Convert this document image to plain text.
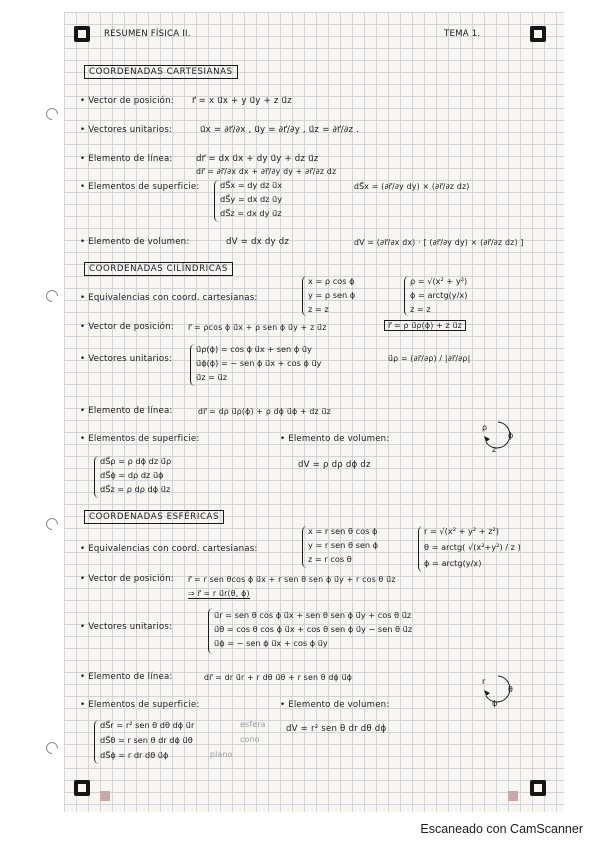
RESUMEN FÍSICA II.	TEMA 1.
COORDENADAS CARTESIANAS
• Vector de posición: r⃗ = x u⃗x + y u⃗y + z u⃗z
• Vectores unitarios:	u⃗x = ∂r⃗/∂x , u⃗y = ∂r⃗/∂y , u⃗z = ∂r⃗/∂z .
• Elemento de línea:	dr⃗ = dx u⃗x + dy u⃗y + dz u⃗z
dr⃗ = ∂r⃗/∂x dx + ∂r⃗/∂y dy + ∂r⃗/∂z dz
• Elementos de superficie:	dS⃗x = dy dz u⃗x
dS⃗y = dx dz u⃗y
dS⃗z = dx dy u⃗z
dS⃗x = (∂r⃗/∂y dy) × (∂r⃗/∂z dz)
• Elemento de volumen:	dV = dx dy dz	dV = (∂r⃗/∂x dx) · [ (∂r⃗/∂y dy) × (∂r⃗/∂z dz) ]
COORDENADAS CILÍNDRICAS
• Equivalencias con coord. cartesianas:
x = ρ cos ϕ
y = ρ sen ϕ
z = z
ρ = √(x² + y²)
ϕ = arctg(y/x)
z = z
• Vector de posición: r⃗ = ρcos ϕ u⃗x + ρ sen ϕ u⃗y + z u⃗z	r⃗ = ρ u⃗ρ(ϕ) + z u⃗z
• Vectores unitarios:
u⃗ρ(ϕ) = cos ϕ u⃗x + sen ϕ u⃗y
u⃗ϕ(ϕ) = − sen ϕ u⃗x + cos ϕ u⃗y
u⃗z = u⃗z
u⃗ρ = (∂r⃗/∂ρ) / |∂r⃗/∂ρ|
• Elemento de línea:	dr⃗ = dρ u⃗ρ(ϕ) + ρ dϕ u⃗ϕ + dz u⃗z
• Elementos de superficie:	• Elemento de volumen:
ρ
ϕ
z
dS⃗ρ = ρ dϕ dz u⃗ρ
dS⃗ϕ = dρ dz u⃗ϕ
dS⃗z = ρ dρ dϕ u⃗z
dV = ρ dρ dϕ dz
COORDENADAS ESFÉRICAS
• Equivalencias con coord. cartesianas:
x = r sen θ cos ϕ
y = r sen θ sen ϕ
z = r cos θ
r = √(x² + y² + z²)
θ = arctg( √(x²+y²) / z )
ϕ = arctg(y/x)
• Vector de posición: r⃗ = r sen θcos ϕ u⃗x + r sen θ sen ϕ u⃗y + r cos θ u⃗z
⇒ r⃗ = r u⃗r(θ, ϕ)
• Vectores unitarios:
u⃗r = sen θ cos ϕ u⃗x + sen θ sen ϕ u⃗y + cos θ u⃗z
u⃗θ = cos θ cos ϕ u⃗x + cos θ sen ϕ u⃗y − sen θ u⃗z
u⃗ϕ = − sen ϕ u⃗x + cos ϕ u⃗y
• Elemento de línea:	dr⃗ = dr u⃗r + r dθ u⃗θ + r sen θ dϕ u⃗ϕ	r
θ
ϕ
• Elementos de superficie:	• Elemento de volumen:
dS⃗r = r² sen θ dθ dϕ u⃗r
dS⃗θ = r sen θ dr dϕ u⃗θ
dS⃗ϕ = r dr dθ u⃗ϕ
esfera
cono
plano
dV = r² sen θ dr dθ dϕ
Escaneado con CamScanner
